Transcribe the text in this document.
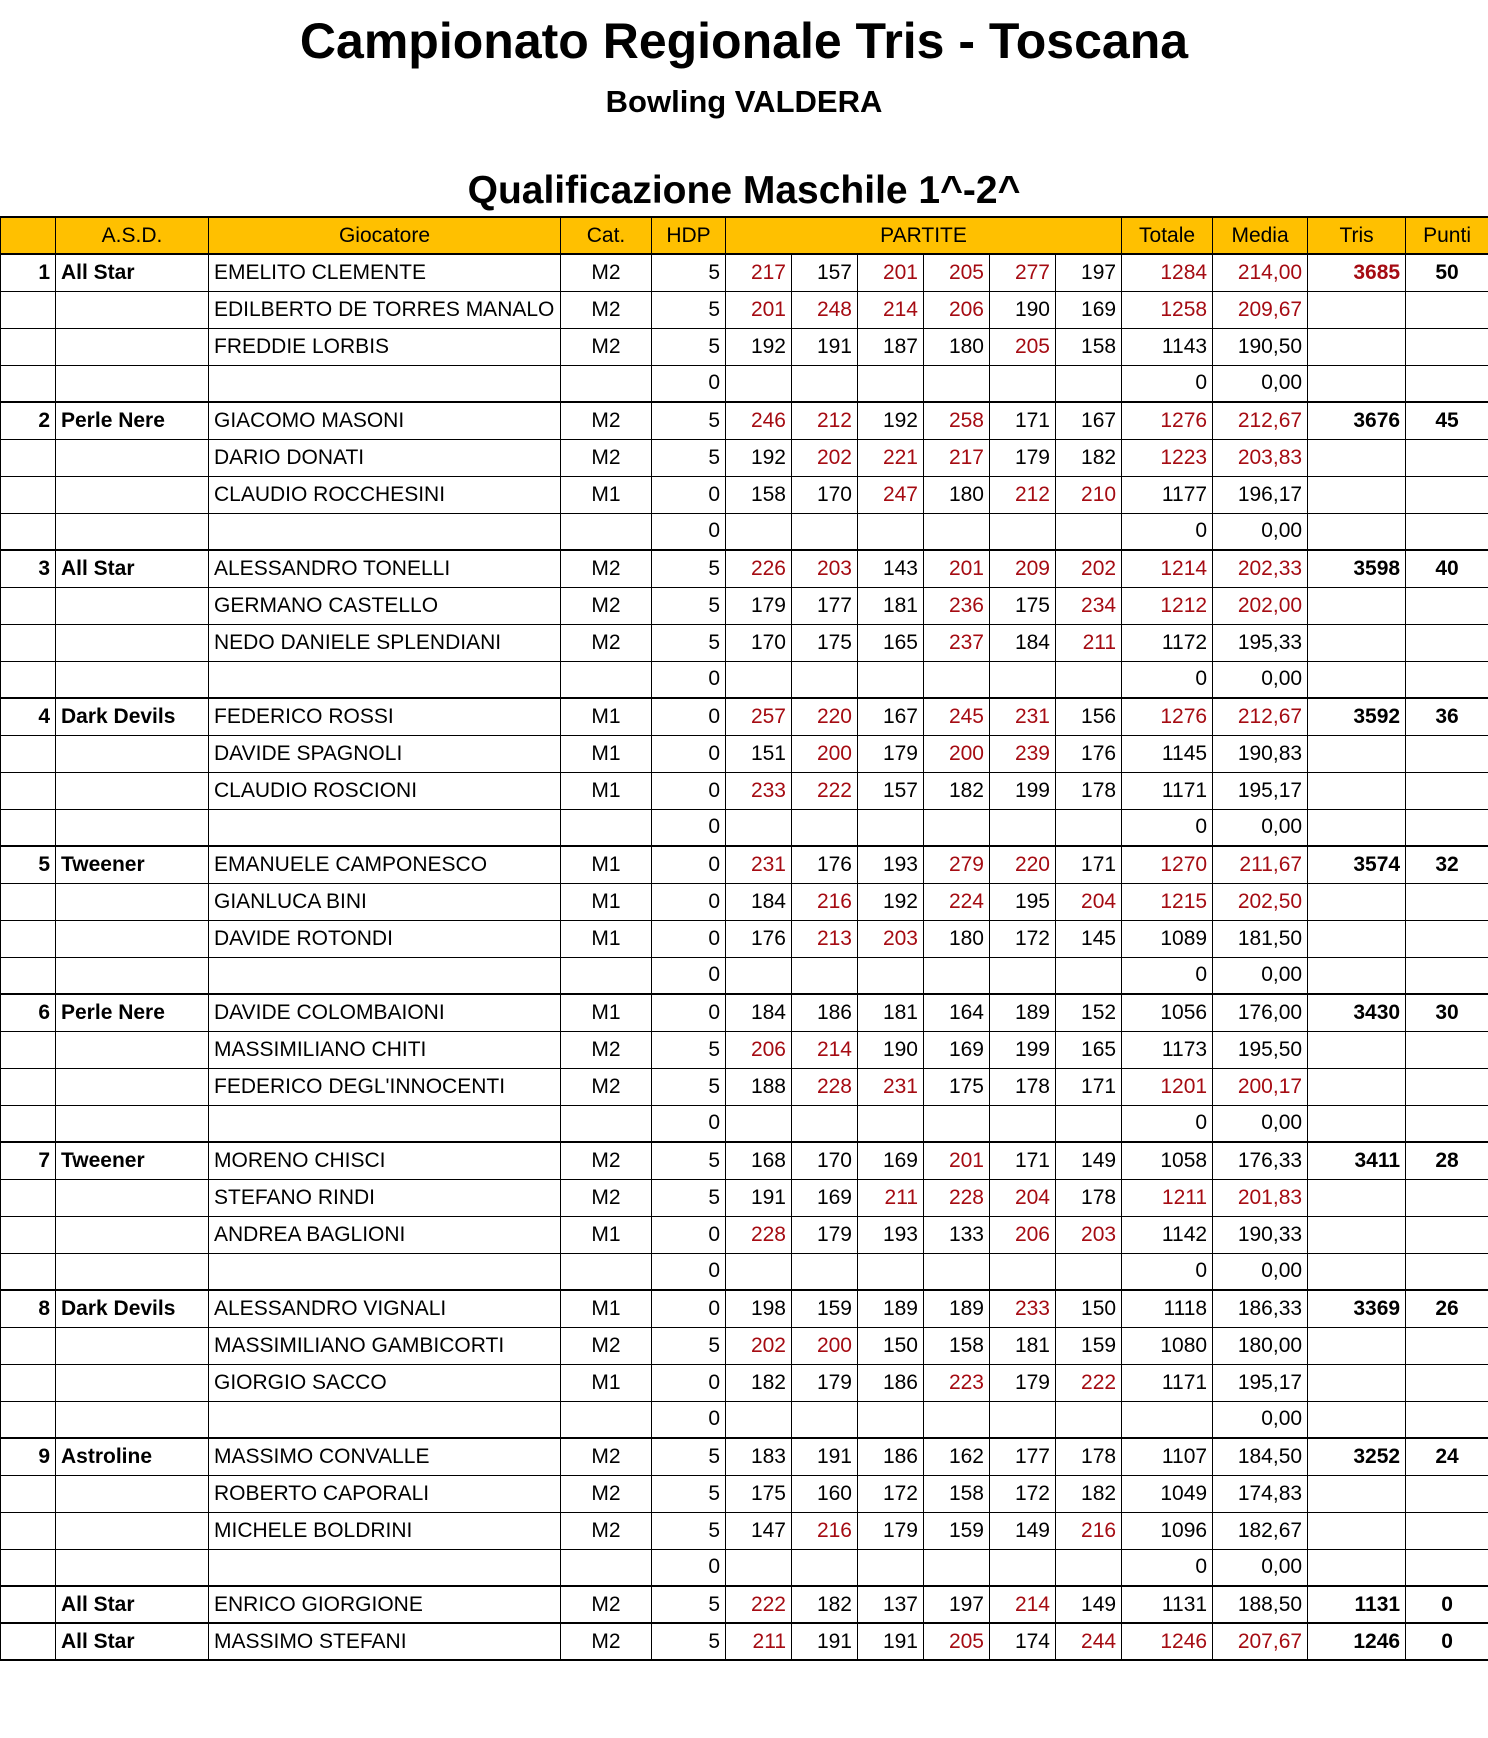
Campionato Regionale Tris - Toscana
Bowling VALDERA
Qualificazione Maschile 1^-2^
	A.S.D.	Giocatore	Cat.	HDP	PARTITE						Totale	Media	Tris	Punti
1	All Star	EMELITO CLEMENTE	M2	5	217	157	201	205	277	197	1284	214,00	3685	50
		EDILBERTO DE TORRES MANALO	M2	5	201	248	214	206	190	169	1258	209,67		
		FREDDIE LORBIS	M2	5	192	191	187	180	205	158	1143	190,50		
				0							0	0,00		
2	Perle Nere	GIACOMO MASONI	M2	5	246	212	192	258	171	167	1276	212,67	3676	45
		DARIO DONATI	M2	5	192	202	221	217	179	182	1223	203,83		
		CLAUDIO ROCCHESINI	M1	0	158	170	247	180	212	210	1177	196,17		
				0							0	0,00		
3	All Star	ALESSANDRO TONELLI	M2	5	226	203	143	201	209	202	1214	202,33	3598	40
		GERMANO CASTELLO	M2	5	179	177	181	236	175	234	1212	202,00		
		NEDO DANIELE SPLENDIANI	M2	5	170	175	165	237	184	211	1172	195,33		
				0							0	0,00		
4	Dark Devils	FEDERICO ROSSI	M1	0	257	220	167	245	231	156	1276	212,67	3592	36
		DAVIDE SPAGNOLI	M1	0	151	200	179	200	239	176	1145	190,83		
		CLAUDIO ROSCIONI	M1	0	233	222	157	182	199	178	1171	195,17		
				0							0	0,00		
5	Tweener	EMANUELE CAMPONESCO	M1	0	231	176	193	279	220	171	1270	211,67	3574	32
		GIANLUCA BINI	M1	0	184	216	192	224	195	204	1215	202,50		
		DAVIDE ROTONDI	M1	0	176	213	203	180	172	145	1089	181,50		
				0							0	0,00		
6	Perle Nere	DAVIDE COLOMBAIONI	M1	0	184	186	181	164	189	152	1056	176,00	3430	30
		MASSIMILIANO CHITI	M2	5	206	214	190	169	199	165	1173	195,50		
		FEDERICO DEGL'INNOCENTI	M2	5	188	228	231	175	178	171	1201	200,17		
				0							0	0,00		
7	Tweener	MORENO CHISCI	M2	5	168	170	169	201	171	149	1058	176,33	3411	28
		STEFANO RINDI	M2	5	191	169	211	228	204	178	1211	201,83		
		ANDREA BAGLIONI	M1	0	228	179	193	133	206	203	1142	190,33		
				0							0	0,00		
8	Dark Devils	ALESSANDRO VIGNALI	M1	0	198	159	189	189	233	150	1118	186,33	3369	26
		MASSIMILIANO GAMBICORTI	M2	5	202	200	150	158	181	159	1080	180,00		
		GIORGIO SACCO	M1	0	182	179	186	223	179	222	1171	195,17		
				0								0,00		
9	Astroline	MASSIMO CONVALLE	M2	5	183	191	186	162	177	178	1107	184,50	3252	24
		ROBERTO CAPORALI	M2	5	175	160	172	158	172	182	1049	174,83		
		MICHELE BOLDRINI	M2	5	147	216	179	159	149	216	1096	182,67		
				0							0	0,00		
	All Star	ENRICO GIORGIONE	M2	5	222	182	137	197	214	149	1131	188,50	1131	0
	All Star	MASSIMO STEFANI	M2	5	211	191	191	205	174	244	1246	207,67	1246	0
